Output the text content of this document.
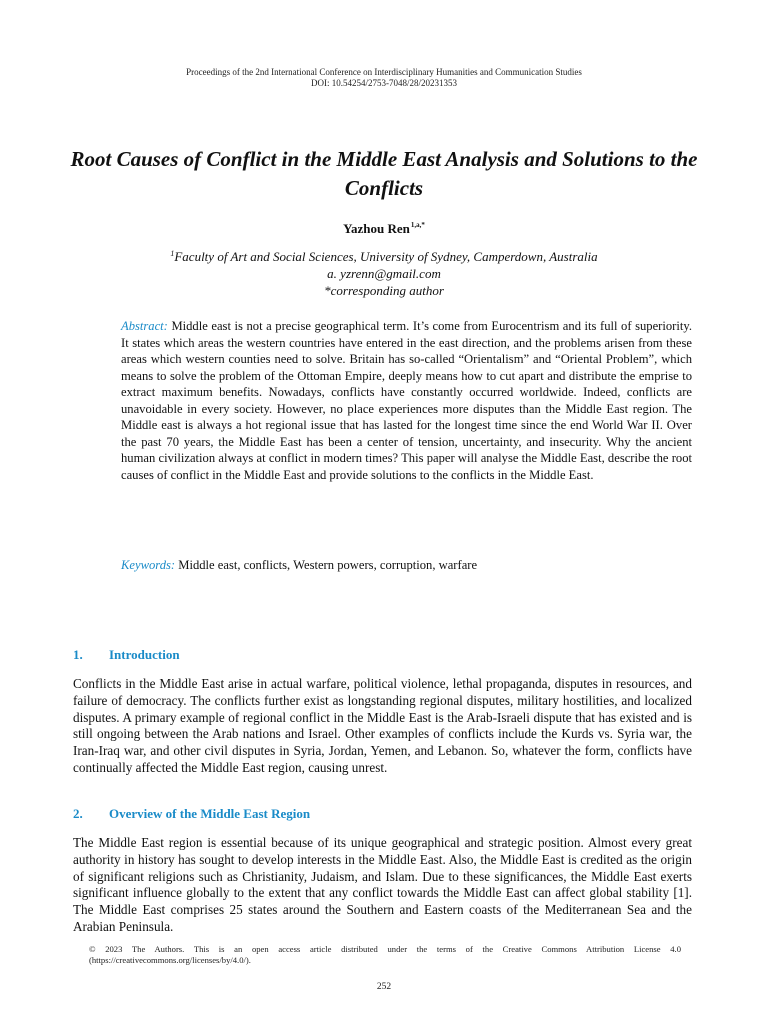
Proceedings of the 2nd International Conference on Interdisciplinary Humanities and Communication Studies
DOI: 10.54254/2753-7048/28/20231353
Root Causes of Conflict in the Middle East Analysis and Solutions to the Conflicts
Yazhou Ren$^{1,a,*}$
$^1$Faculty of Art and Social Sciences, University of Sydney, Camperdown, Australia
a. yzrenn@gmail.com
*corresponding author
Abstract: Middle east is not a precise geographical term. It’s come from Eurocentrism and its full of superiority. It states which areas the western countries have entered in the east direction, and the problems arisen from these areas which western counties need to solve. Britain has so-called “Orientalism” and “Oriental Problem”, which means to solve the problem of the Ottoman Empire, deeply means how to cut apart and distribute the emprise to extract maximum benefits. Nowadays, conflicts have constantly occurred worldwide. Indeed, conflicts are unavoidable in every society. However, no place experiences more disputes than the Middle East region. The Middle east is always a hot regional issue that has lasted for the longest time since the end World War II. Over the past 70 years, the Middle East has been a center of tension, uncertainty, and insecurity. Why the ancient human civilization always at conflict in modern times? This paper will analyse the Middle East, describe the root causes of conflict in the Middle East and provide solutions to the conflicts in the Middle East.
Keywords: Middle east, conflicts, Western powers, corruption, warfare
1. Introduction
Conflicts in the Middle East arise in actual warfare, political violence, lethal propaganda, disputes in resources, and failure of democracy. The conflicts further exist as longstanding regional disputes, military hostilities, and localized disputes. A primary example of regional conflict in the Middle East is the Arab-Israeli dispute that has existed and is still ongoing between the Arab nations and Israel. Other examples of conflicts include the Kurds vs. Syria war, the Iran-Iraq war, and other civil disputes in Syria, Jordan, Yemen, and Lebanon. So, whatever the form, conflicts have continually affected the Middle East region, causing unrest.
2. Overview of the Middle East Region
The Middle East region is essential because of its unique geographical and strategic position. Almost every great authority in history has sought to develop interests in the Middle East. Also, the Middle East is credited as the origin of significant religions such as Christianity, Judaism, and Islam. Due to these significances, the Middle East exerts significant influence globally to the extent that any conflict towards the Middle East can affect global stability [1]. The Middle East comprises 25 states around the Southern and Eastern coasts of the Mediterranean Sea and the Arabian Peninsula.
© 2023 The Authors. This is an open access article distributed under the terms of the Creative Commons Attribution License 4.0 (https://creativecommons.org/licenses/by/4.0/).
252
